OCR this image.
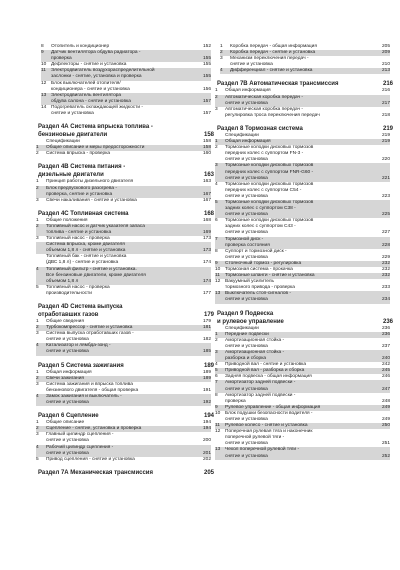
8	Отопитель и кондиционер	152
9	Датчик вентилятора обдува радиатора -
проверка	155
10 Дефлекторы - снятие и установка	155
11	Электродвигатель воздухораспределительной
заслонки - снятие, установка и проверка	155
12 Блок выключателей отопителя/
кондиционера - снятие и установка	156
13 Электродвигатель вентилятора
обдува салона - снятие и установка	157
14 Подогреватель охлаждающей жидкости -
снятие и установка	157
Раздел 4А Система впрыска топлива -
бензиновые двигатели	158
Спецификации	158
1	Общие описание и меры предосторожности	158
2	Система впрыска - проверка	160
Раздел 4В Система питания -
дизельные двигатели	163
1	Принцип работы дизельного двигателя	163
2	Блок предпускового разогрева -
проверка, снятие и установка	167
3	Свечи накаливания - снятие и установка	167
Раздел 4С Топливная система	168
1	Общие положения	168
2	Топливный насос и датчик указателя запаса
топлива - снятие и установка	169
3	Топливный насос - проверка	173
Система впрыска, кроме двигателя
объемом 1,8 л - снятие и установка	173
Топливный бак - снятие и установка
(ДВС 1,8 л) - снятие и установка	174
4	Топливный фильтр - снятие и установка.
Все бензиновые двигатели, кроме двигателя
объемом 1,8 л	174
5	Топливный насос - проверка
производительности	177
Раздел 4D Система выпуска
отработавших газов	179
1	Общие сведения	179
2	Турбокомпрессор - снятие и установка	181
3	Система выпуска отработавших газов -
снятие и установка	182
4	Катализатор и лямбда-зонд -
снятие и установка	185
Раздел 5 Система зажигания	189
1	Общая информация	189
2	Свечи зажигания	189
3	Система зажигания и впрыска топлива
бензинового двигателя - общая проверка	191
4	Замок зажигания и выключатель -
снятие и установка	192
Раздел 6 Сцепление	194
1	Общие описание	194
2	Сцепление - снятие, установка и проверка	194
3	Главный цилиндр сцепления -
снятие и установка	200
4	Рабочий цилиндр сцепления -
снятие и установка	201
5	Привод сцепления - снятие и установка	202
Раздел 7А Механическая трансмиссия	205
1	Коробка передач - общая информация	205
2	Коробка передач - снятие и установка	209
3	Механизм переключения передач -
снятие и установка	210
4	Дифференциал - снятие и установка	213
Раздел 7В Автоматическая трансмиссия	216
1	Общая информация	216
2	Автоматическая коробка передач -
снятие и установка	217
3	Автоматическая коробка передач -
регулировка троса переключения передач	218
Раздел 8 Тормозная система	219
Спецификации	219
1	Общая информация	219
2	Тормозные колодки дисковых тормозов
передних колес с суппортом FN-3 -
снятие и установка	220
3	Тормозные колодки дисковых тормозов
передних колес с суппортом FNR-G60 -
снятие и установка	221
4	Тормозные колодки дисковых тормозов
передних колес с суппортом C54 -
снятие и установка	223
5	Тормозные колодки дисковых тормозов
задних колес с суппортом C38 -
снятие и установка	225
6	Тормозные колодки дисковых тормозов
задних колес с суппортом C43 -
снятие и установка	227
7	Тормозной диск -
проверка состояния	228
8	Суппорт и тормозной диск -
снятие и установка	229
9	Стояночный тормоз - регулировка	232
10 Тормозная система - прокачка	232
11	Тормозные шланги - снятие и установка	232
12 Вакуумный усилитель
тормозного привода - проверка	233
13 Выключатель стоп-сигналов -
снятие и установка	234
Раздел 9 Подвеска
и рулевое управление	236
Спецификации	236
1	Передние подвески	236
2	Амортизационная стойка -
снятие и установка	237
3	Амортизационная стойка -
разборка и сборка	240
4	Приводной вал - снятие и установка	242
5	Приводной вал - разборка и сборка	245
6	Задняя подвеска - общая информация	246
7	Амортизатор задней подвески -
снятие и установка	247
8	Амортизатор задней подвески -
проверка	248
9	Рулевое управление - общая информация	249
10 Блок подушки безопасности водителя -
снятие и установка	249
11	Рулевое колесо - снятие и установка	250
12 Поперечная рулевая тяга и наконечник
поперечной рулевой тяги -
снятие и установка	251
13 Чехол поперечной рулевой тяги -
снятие и установка	252
